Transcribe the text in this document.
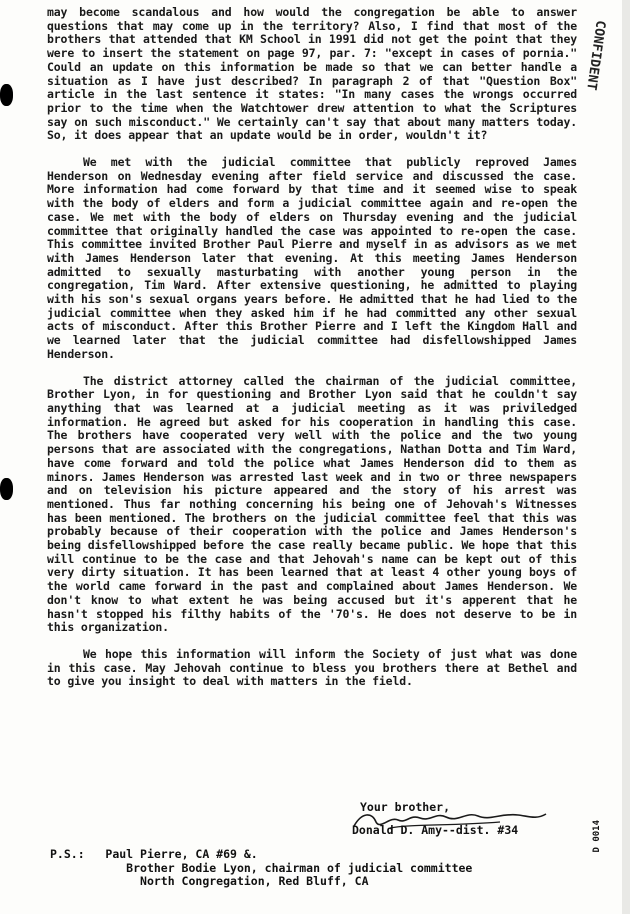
CONFIDENT

may become scandalous and how would the congregation be able to answer questions that may come up in the territory? Also, I find that most of the brothers that attended that KM School in 1991 did not get the point that they were to insert the statement on page 97, par. 7: "except in cases of pornia." Could an update on this information be made so that we can better handle a situation as I have just described? In paragraph 2 of that "Question Box" article in the last sentence it states: "In many cases the wrongs occurred prior to the time when the Watchtower drew attention to what the Scriptures say on such misconduct." We certainly can't say that about many matters today. So, it does appear that an update would be in order, wouldn't it?

We met with the judicial committee that publicly reproved James Henderson on Wednesday evening after field service and discussed the case. More information had come forward by that time and it seemed wise to speak with the body of elders and form a judicial committee again and re-open the case. We met with the body of elders on Thursday evening and the judicial committee that originally handled the case was appointed to re-open the case. This committee invited Brother Paul Pierre and myself in as advisors as we met with James Henderson later that evening. At this meeting James Henderson admitted to sexually masturbating with another young person in the congregation, Tim Ward. After extensive questioning, he admitted to playing with his son's sexual organs years before. He admitted that he had lied to the judicial committee when they asked him if he had committed any other sexual acts of misconduct. After this Brother Pierre and I left the Kingdom Hall and we learned later that the judicial committee had disfellowshipped James Henderson.

The district attorney called the chairman of the judicial committee, Brother Lyon, in for questioning and Brother Lyon said that he couldn't say anything that was learned at a judicial meeting as it was priviledged information. He agreed but asked for his cooperation in handling this case. The brothers have cooperated very well with the police and the two young persons that are associated with the congregations, Nathan Dotta and Tim Ward, have come forward and told the police what James Henderson did to them as minors. James Henderson was arrested last week and in two or three newspapers and on television his picture appeared and the story of his arrest was mentioned. Thus far nothing concerning his being one of Jehovah's Witnesses has been mentioned. The brothers on the judicial committee feel that this was probably because of their cooperation with the police and James Henderson's being disfellowshipped before the case really became public. We hope that this will continue to be the case and that Jehovah's name can be kept out of this very dirty situation. It has been learned that at least 4 other young boys of the world came forward in the past and complained about James Henderson. We don't know to what extent he was being accused but it's apperent that he hasn't stopped his filthy habits of the '70's. He does not deserve to be in this organization.

We hope this information will inform the Society of just what was done in this case. May Jehovah continue to bless you brothers there at Bethel and to give you insight to deal with matters in the field.

Your brother,
Donald D. Amy--dist. #34	D 0014
P.S.: Paul Pierre, CA #69 &.
Brother Bodie Lyon, chairman of judicial committee
North Congregation, Red Bluff, CA
